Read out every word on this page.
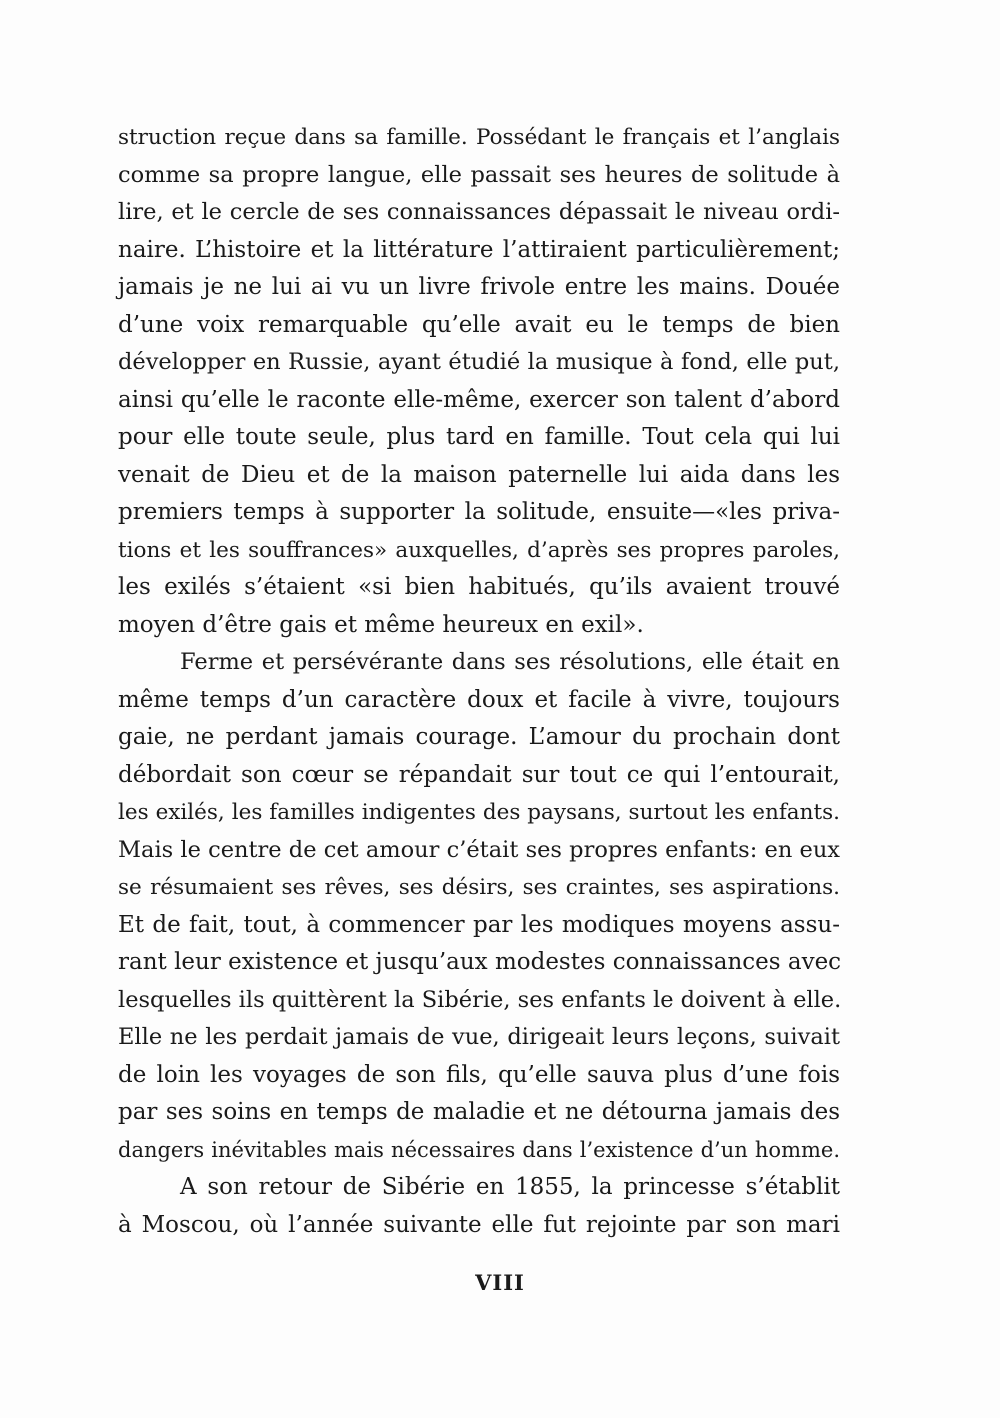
struction reçue dans sa famille. Possédant le français et l’anglais
comme sa propre langue, elle passait ses heures de solitude à
lire, et le cercle de ses connaissances dépassait le niveau ordi-
naire. L’histoire et la littérature l’attiraient particulièrement;
jamais je ne lui ai vu un livre frivole entre les mains. Douée
d’une voix remarquable qu’elle avait eu le temps de bien
développer en Russie, ayant étudié la musique à fond, elle put,
ainsi qu’elle le raconte elle-même, exercer son talent d’abord
pour elle toute seule, plus tard en famille. Tout cela qui lui
venait de Dieu et de la maison paternelle lui aida dans les
premiers temps à supporter la solitude, ensuite—«les priva-
tions et les souffrances» auxquelles, d’après ses propres paroles,
les exilés s’étaient «si bien habitués, qu’ils avaient trouvé
moyen d’être gais et même heureux en exil».

Ferme et persévérante dans ses résolutions, elle était en
même temps d’un caractère doux et facile à vivre, toujours
gaie, ne perdant jamais courage. L’amour du prochain dont
débordait son cœur se répandait sur tout ce qui l’entourait,
les exilés, les familles indigentes des paysans, surtout les enfants.
Mais le centre de cet amour c’était ses propres enfants: en eux
se résumaient ses rêves, ses désirs, ses craintes, ses aspirations.
Et de fait, tout, à commencer par les modiques moyens assu-
rant leur existence et jusqu’aux modestes connaissances avec
lesquelles ils quittèrent la Sibérie, ses enfants le doivent à elle.
Elle ne les perdait jamais de vue, dirigeait leurs leçons, suivait
de loin les voyages de son fils, qu’elle sauva plus d’une fois
par ses soins en temps de maladie et ne détourna jamais des
dangers inévitables mais nécessaires dans l’existence d’un homme.

A son retour de Sibérie en 1855, la princesse s’établit
à Moscou, où l’année suivante elle fut rejointe par son mari

VIII
